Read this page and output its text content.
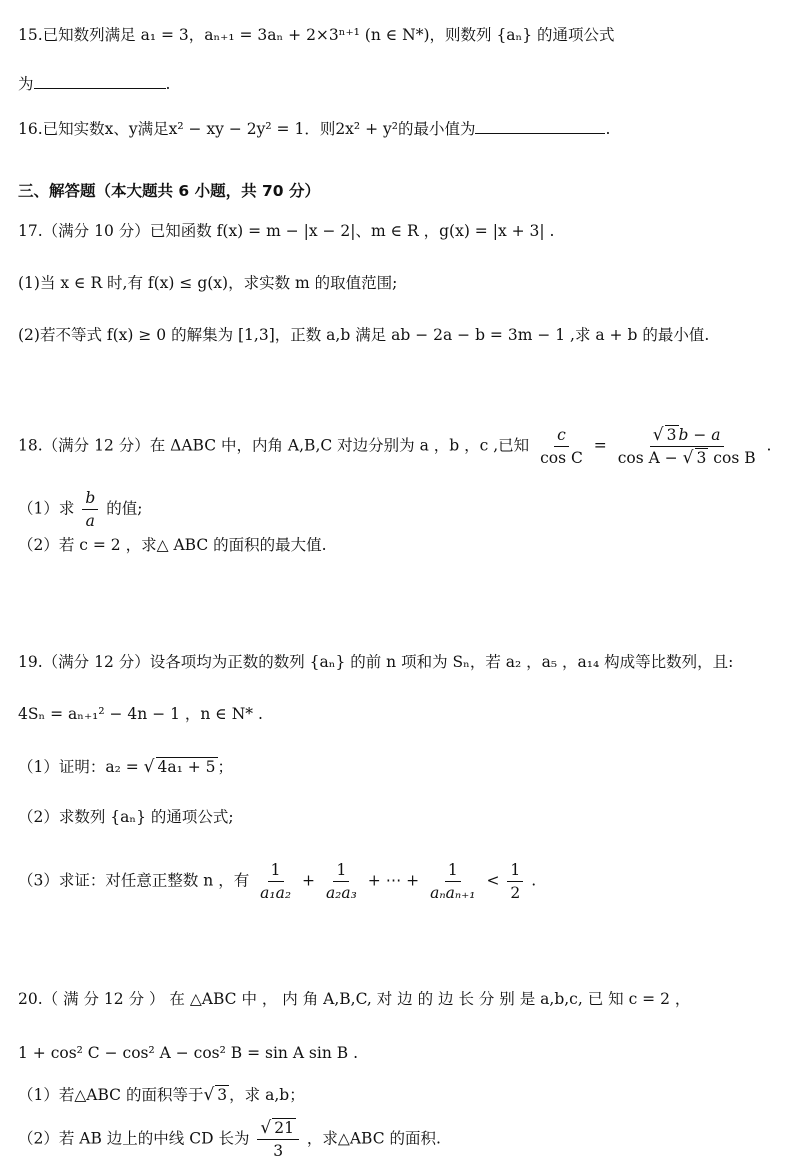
15.已知数列满足 a₁ = 3，aₙ₊₁ = 3aₙ + 2×3ⁿ⁺¹ (n ∈ N*)，则数列 {aₙ} 的通项公式
为	.
16.已知实数x、y满足x² − xy − 2y² = 1．则2x² + y²的最小值为	.
三、解答题（本大题共 6 小题，共 70 分）
17.（满分 10 分）已知函数 f(x) = m − |x − 2|、m ∈ R ，g(x) = |x + 3| .
(1)当 x ∈ R 时,有 f(x) ≤ g(x)，求实数 m 的取值范围;
(2)若不等式 f(x) ≥ 0 的解集为 [1,3]，正数 a,b 满足 ab − 2a − b = 3m − 1 ,求 a + b 的最小值.
18.（满分 12 分）在 ΔABC 中，内角 A,B,C 对边分别为 a ，b ，c ,已知 $\frac{c}{\text{cos C}} = \frac{√ 3 b - a}{\text{cos A − √ 3 cos B}}$ .
（1）求 $\frac{b}{a}$ 的值;
（2）若 c = 2 ，求△ ABC 的面积的最大值.
19.（满分 12 分）设各项均为正数的数列 {aₙ} 的前 n 项和为 Sₙ，若 a₂ ，a₅ ，a₁₄ 构成等比数列，且:
4Sₙ = aₙ₊₁² − 4n − 1 ，n ∈ N* .
（1）证明：a₂ = √ 4a₁ + 5 ；
（2）求数列 {aₙ} 的通项公式;
（3）求证：对任意正整数 n ，有 $\frac{1}{\text{a₁a₂}} + \frac{1}{\text{a₂a₃}}$ + ⋯ + $\frac{1}{\text{aₙaₙ₊₁}} < \frac{1}{2}$ .
20.（ 满 分 12 分 ） 在 △ABC 中 ， 内 角 A,B,C, 对 边 的 边 长 分 别 是 a,b,c, 已 知 c = 2 ，
1 + cos² C − cos² A − cos² B = sin A sin B .
（1）若△ABC 的面积等于√ 3 ，求 a,b；
（2）若 AB 边上的中线 CD 长为 $\frac{√ 21}{3}$ ，求△ABC 的面积.
